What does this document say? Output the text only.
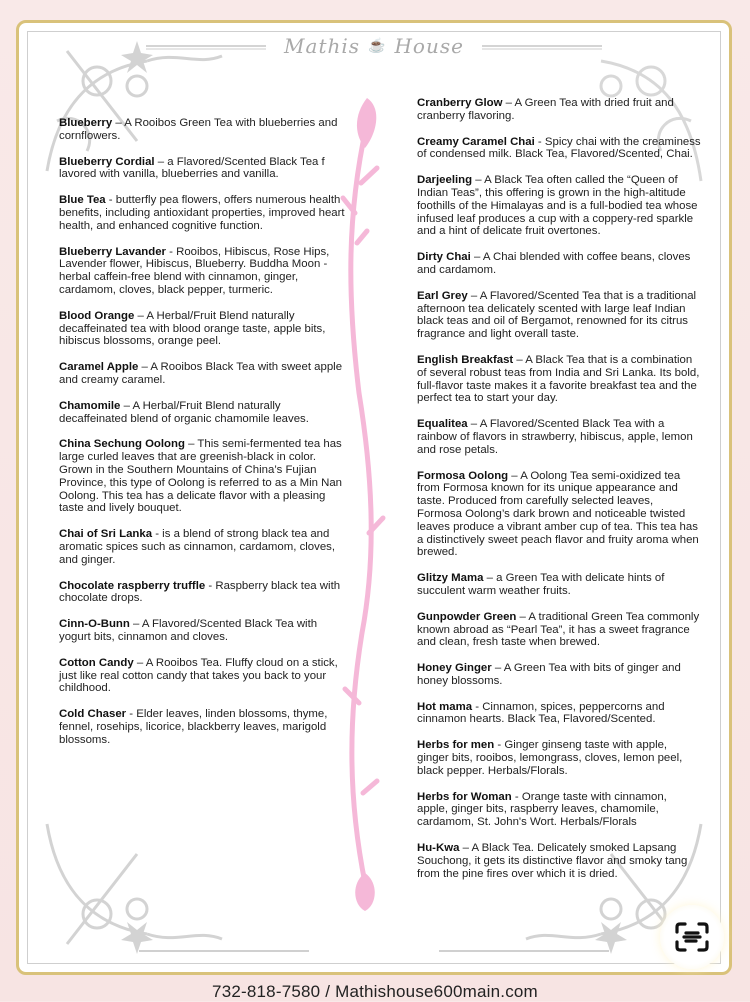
Mathis ☕ House
Blueberry – A Rooibos Green Tea with blueberries and cornflowers.
Blueberry Cordial – a Flavored/Scented Black Tea f lavored with vanilla, blueberries and vanilla.
Blue Tea - butterfly pea flowers, offers numerous health benefits, including antioxidant properties, improved heart health, and enhanced cognitive function.
Blueberry Lavander - Rooibos, Hibiscus, Rose Hips, Lavender flower, Hibiscus, Blueberry. Buddha Moon - herbal caffein-free blend with cinnamon, ginger, cardamom, cloves, black pepper, turmeric.
Blood Orange – A Herbal/Fruit Blend naturally decaffeinated tea with blood orange taste, apple bits, hibiscus blossoms, orange peel.
Caramel Apple – A Rooibos Black Tea with sweet apple and creamy caramel.
Chamomile – A Herbal/Fruit Blend naturally decaffeinated blend of organic chamomile leaves.
China Sechung Oolong – This semi-fermented tea has large curled leaves that are greenish-black in color. Grown in the Southern Mountains of China’s Fujian Province, this type of Oolong is referred to as a Min Nan Oolong. This tea has a delicate flavor with a pleasing taste and lively bouquet.
Chai of Sri Lanka - is a blend of strong black tea and aromatic spices such as cinnamon, cardamom, cloves, and ginger.
Chocolate raspberry truffle - Raspberry black tea with chocolate drops.
Cinn-O-Bunn – A Flavored/Scented Black Tea with yogurt bits, cinnamon and cloves.
Cotton Candy – A Rooibos Tea. Fluffy cloud on a stick, just like real cotton candy that takes you back to your childhood.
Cold Chaser - Elder leaves, linden blossoms, thyme, fennel, rosehips, licorice, blackberry leaves, marigold blossoms.
Cranberry Glow – A Green Tea with dried fruit and cranberry flavoring.
Creamy Caramel Chai - Spicy chai with the creaminess of condensed milk. Black Tea, Flavored/Scented, Chai.
Darjeeling – A Black Tea often called the “Queen of Indian Teas”, this offering is grown in the high-altitude foothills of the Himalayas and is a full-bodied tea whose infused leaf produces a cup with a coppery-red sparkle and a hint of delicate fruit overtones.
Dirty Chai – A Chai blended with coffee beans, cloves and cardamom.
Earl Grey – A Flavored/Scented Tea that is a traditional afternoon tea delicately scented with large leaf Indian black teas and oil of Bergamot, renowned for its citrus fragrance and light overall taste.
English Breakfast – A Black Tea that is a combination of several robust teas from India and Sri Lanka. Its bold, full-flavor taste makes it a favorite breakfast tea and the perfect tea to start your day.
Equalitea – A Flavored/Scented Black Tea with a rainbow of flavors in strawberry, hibiscus, apple, lemon and rose petals.
Formosa Oolong – A Oolong Tea semi-oxidized tea from Formosa known for its unique appearance and taste. Produced from carefully selected leaves, Formosa Oolong’s dark brown and noticeable twisted leaves produce a vibrant amber cup of tea. This tea has a distinctively sweet peach flavor and fruity aroma when brewed.
Glitzy Mama – a Green Tea with delicate hints of succulent warm weather fruits.
Gunpowder Green – A traditional Green Tea commonly known abroad as “Pearl Tea”, it has a sweet fragrance and clean, fresh taste when brewed.
Honey Ginger – A Green Tea with bits of ginger and honey blossoms.
Hot mama - Cinnamon, spices, peppercorns and cinnamon hearts. Black Tea, Flavored/Scented.
Herbs for men - Ginger ginseng taste with apple, ginger bits, rooibos, lemongrass, cloves, lemon peel, black pepper. Herbals/Florals.
Herbs for Woman - Orange taste with cinnamon, apple, ginger bits, raspberry leaves, chamomile, cardamom, St. John's Wort. Herbals/Florals
Hu-Kwa – A Black Tea. Delicately smoked Lapsang Souchong, it gets its distinctive flavor and smoky tang from the pine fires over which it is dried.
732-818-7580 / Mathishouse600main.com
